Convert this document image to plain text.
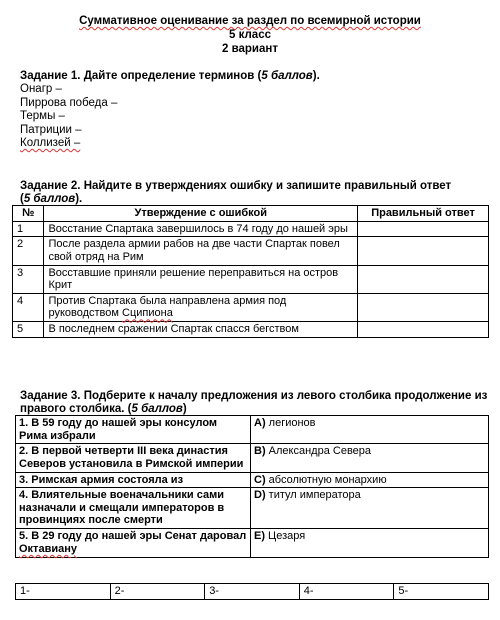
Суммативное оценивание за раздел по всемирной истории
5 класс
2 вариант
Задание 1. Дайте определение терминов (5 баллов).
Онагр –
Пиррова победа –
Термы –
Патриции –
Коллизей –
Задание 2. Найдите в утверждениях ошибку и запишите правильный ответ
(5 баллов).
№	Утверждение с ошибкой	Правильный ответ
1	Восстание Спартака завершилось в 74 году до нашей эры	
2	После раздела армии рабов на две части Спартак повел свой отряд на Рим	
3	Восставшие приняли решение переправиться на остров Крит	
4	Против Спартака была направлена армия под руководством Сципиона	
5	В последнем сражении Спартак спасся бегством	
Задание 3. Подберите к началу предложения из левого столбика продолжение из правого столбика. (5 баллов)
1. В 59 году до нашей эры консулом Рима избрали	A) легионов
2. В первой четверти III века династия Северов установила в Римской империи	B) Александра Севера
3. Римская армия состояла из	C) абсолютную монархию
4. Влиятельные военачальники сами назначали и смещали императоров в провинциях после смерти	D) титул императора
5. В 29 году до нашей эры Сенат даровал Октавиану	E) Цезаря
1-	2-	3-	4-	5-
